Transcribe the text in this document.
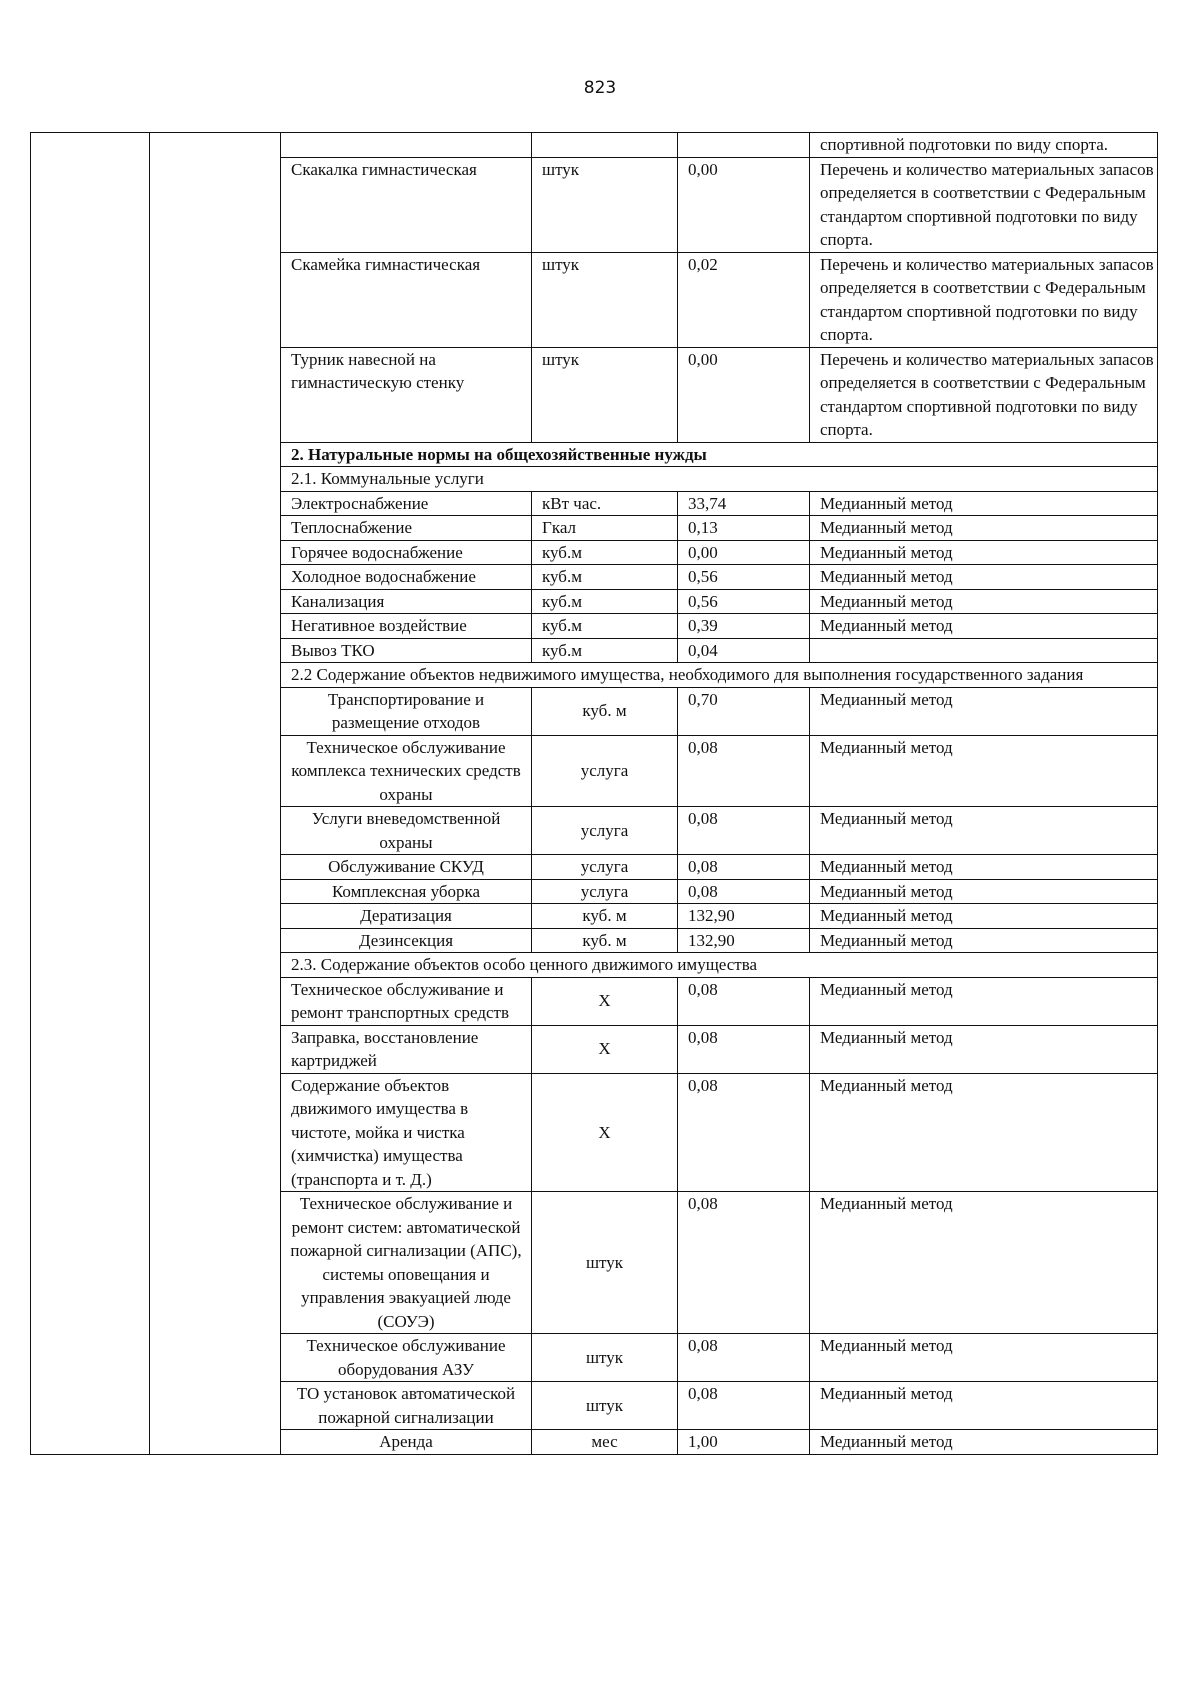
823
					спортивной подготовки по виду спорта.
		Скакалка гимнастическая	штук	0,00	Перечень и количество материальных запасов определяется в соответствии с Федеральным стандартом спортивной подготовки по виду спорта.
		Скамейка гимнастическая	штук	0,02	Перечень и количество материальных запасов определяется в соответствии с Федеральным стандартом спортивной подготовки по виду спорта.
		Турник навесной на гимнастическую стенку	штук	0,00	Перечень и количество материальных запасов определяется в соответствии с Федеральным стандартом спортивной подготовки по виду спорта.
		2. Натуральные нормы на общехозяйственные нужды			
		2.1. Коммунальные услуги			
		Электроснабжение	кВт час.	33,74	Медианный метод
		Теплоснабжение	Гкал	0,13	Медианный метод
		Горячее водоснабжение	куб.м	0,00	Медианный метод
		Холодное водоснабжение	куб.м	0,56	Медианный метод
		Канализация	куб.м	0,56	Медианный метод
		Негативное воздействие	куб.м	0,39	Медианный метод
		Вывоз ТКО	куб.м	0,04	
		2.2 Содержание объектов недвижимого имущества, необходимого для выполнения государственного задания			
		Транспортирование и размещение отходов	куб. м	0,70	Медианный метод
		Техническое обслуживание комплекса технических средств охраны	услуга	0,08	Медианный метод
		Услуги вневедомственной охраны	услуга	0,08	Медианный метод
		Обслуживание СКУД	услуга	0,08	Медианный метод
		Комплексная уборка	услуга	0,08	Медианный метод
		Дератизация	куб. м	132,90	Медианный метод
		Дезинсекция	куб. м	132,90	Медианный метод
		2.3. Содержание объектов особо ценного движимого имущества			
		Техническое обслуживание и ремонт транспортных средств	Х	0,08	Медианный метод
		Заправка, восстановление картриджей	Х	0,08	Медианный метод
		Содержание объектов движимого имущества в чистоте, мойка и чистка (химчистка) имущества (транспорта и т. Д.)	Х	0,08	Медианный метод
		Техническое обслуживание и ремонт систем: автоматической пожарной сигнализации (АПС), системы оповещания и управления эвакуацией люде (СОУЭ)	штук	0,08	Медианный метод
		Техническое обслуживание оборудования АЗУ	штук	0,08	Медианный метод
		ТО установок автоматической пожарной сигнализации	штук	0,08	Медианный метод
		Аренда	мес	1,00	Медианный метод
